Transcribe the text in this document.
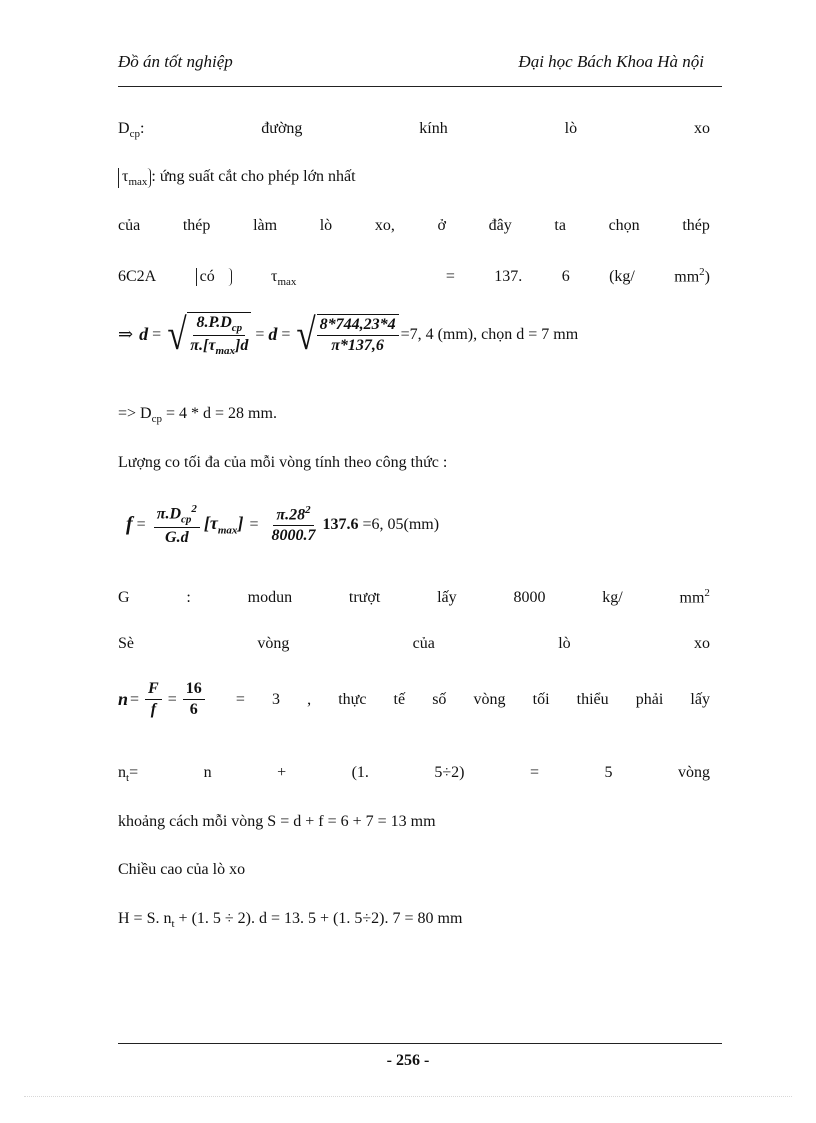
Đồ án tốt nghiệp	Đại học Bách Khoa Hà nội
$D_{cp}$:	đường	kính	lò	xo
$\tau_{max}$ : ứng suất cắt cho phép lớn nhất
của	thép	làm	lò	xo,	ở	đây	ta	chọn	thép
6C2A	có	$\tau_{max}$	= 137. 6 (kg/ $mm^2$)
⇒ d = √ $\frac{8.P.D_{cp}}{\pi.[\tau_{max}]d} = d$ = √ $\frac{8*744,23*4}{\pi*137,6} =7$, 4 (mm), chọn d = 7 mm
=> $D_{cp} = 4 * d = 28$ mm.
Lượng co tối đa của mỗi vòng tính theo công thức :
$f = \frac{\pi.D_{cp}^2}{G.d} [\tau_{max}] = \frac{\pi.28^2}{8000.7} 137.6 =6$, 05(mm)
G	:	modun	trượt	lấy	8000	kg/	$mm^2$
Sè	vòng	của	lò	xo
$n = \frac{F}{f} = \frac{16}{6} = 3$ , thực tế số vòng tối thiểu phải lấy
$n_t=$	n	+	(1.	5÷2)	=	5	vòng
khoảng cách mỗi vòng S = d + f = 6 + 7 = 13 mm
Chiều cao của lò xo
H = S. $n_t + (1$. 5 ÷ 2). d = 13. 5 + (1. 5÷2). 7 = 80 mm
- 256 -
